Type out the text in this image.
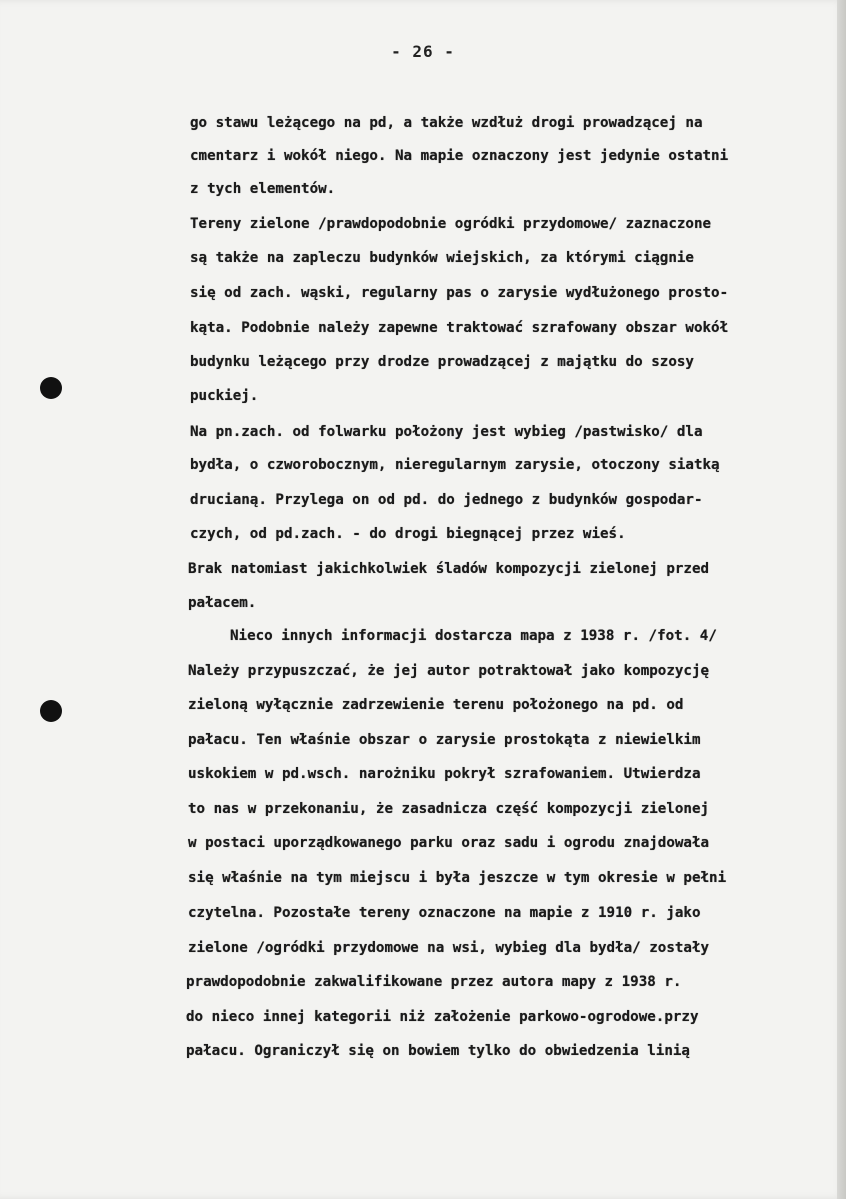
- 26 -
go stawu leżącego na pd, a także wzdłuż drogi prowadzącej na
cmentarz i wokół niego. Na mapie oznaczony jest jedynie ostatni
z tych elementów.
Tereny zielone /prawdopodobnie ogródki przydomowe/ zaznaczone
są także na zapleczu budynków wiejskich, za którymi ciągnie
się od zach. wąski, regularny pas o zarysie wydłużonego prosto-
kąta. Podobnie należy zapewne traktować szrafowany obszar wokół
budynku leżącego przy drodze prowadzącej z majątku do szosy
puckiej.
Na pn.zach. od folwarku położony jest wybieg /pastwisko/ dla
bydła, o czworobocznym, nieregularnym zarysie, otoczony siatką
drucianą. Przylega on od pd. do jednego z budynków gospodar-
czych, od pd.zach. - do drogi biegnącej przez wieś.
Brak natomiast jakichkolwiek śladów kompozycji zielonej przed
pałacem.
Nieco innych informacji dostarcza mapa z 1938 r. /fot. 4/
Należy przypuszczać, że jej autor potraktował jako kompozycję
zieloną wyłącznie zadrzewienie terenu położonego na pd. od
pałacu. Ten właśnie obszar o zarysie prostokąta z niewielkim
uskokiem w pd.wsch. narożniku pokrył szrafowaniem. Utwierdza
to nas w przekonaniu, że zasadnicza część kompozycji zielonej
w postaci uporządkowanego parku oraz sadu i ogrodu znajdowała
się właśnie na tym miejscu i była jeszcze w tym okresie w pełni
czytelna. Pozostałe tereny oznaczone na mapie z 1910 r. jako
zielone /ogródki przydomowe na wsi, wybieg dla bydła/ zostały
prawdopodobnie zakwalifikowane przez autora mapy z 1938 r.
do nieco innej kategorii niż założenie parkowo-ogrodowe.przy
pałacu. Ograniczył się on bowiem tylko do obwiedzenia linią
